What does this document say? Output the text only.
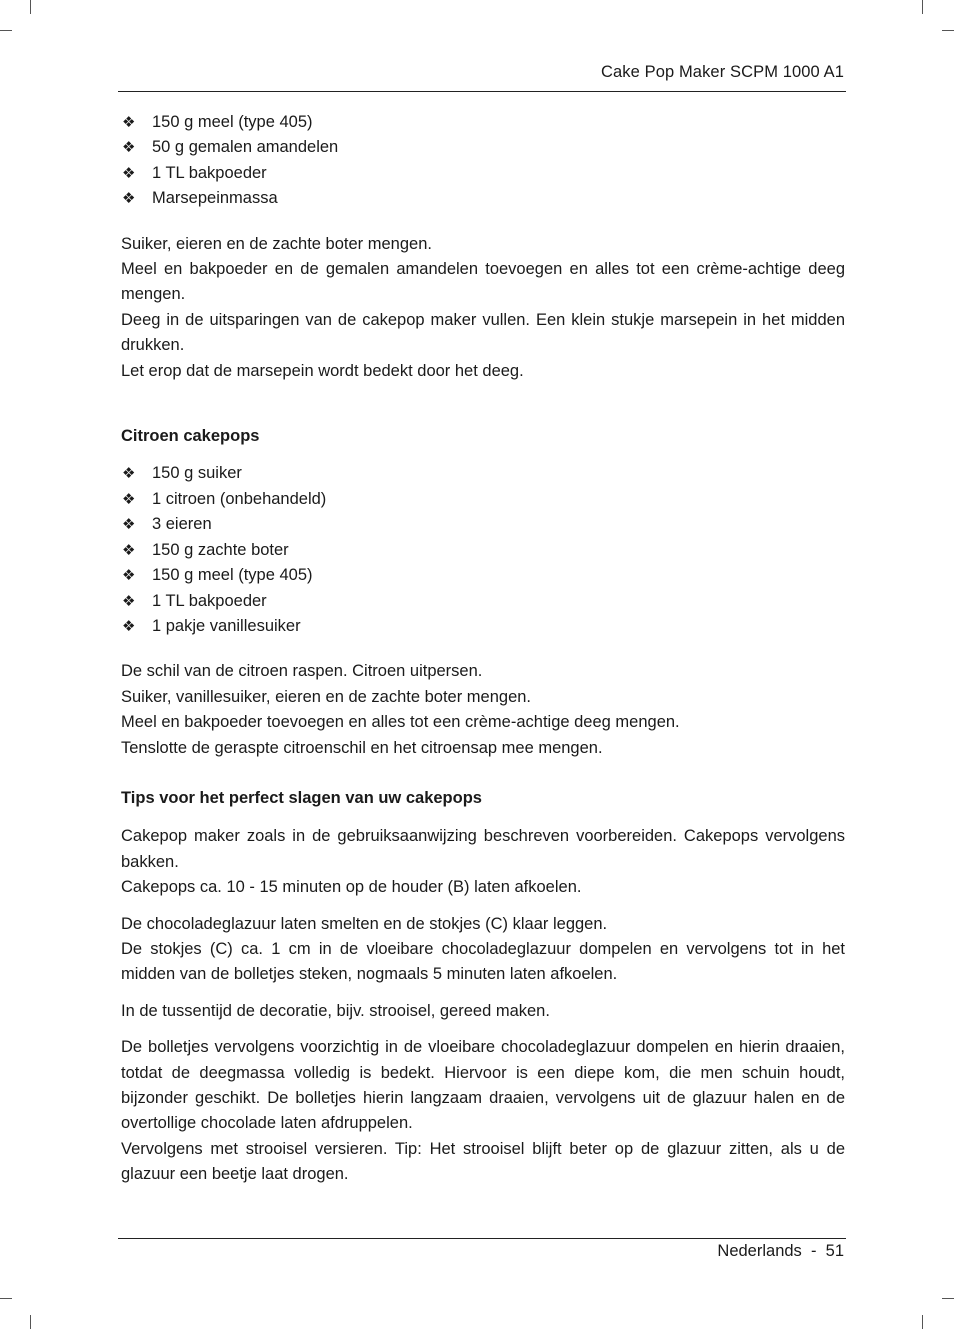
Cake Pop Maker SCPM 1000 A1
❖ 150 g meel (type 405)
❖ 50 g gemalen amandelen
❖ 1 TL bakpoeder
❖ Marsepeinmassa

Suiker, eieren en de zachte boter mengen.

Meel en bakpoeder en de gemalen amandelen toevoegen en alles tot een crème-achtige deeg mengen.

Deeg in de uitsparingen van de cakepop maker vullen. Een klein stukje marsepein in het midden drukken.

Let erop dat de marsepein wordt bedekt door het deeg.

Citroen cakepops
❖ 150 g suiker
❖ 1 citroen (onbehandeld)
❖ 3 eieren
❖ 150 g zachte boter
❖ 150 g meel (type 405)
❖ 1 TL bakpoeder
❖ 1 pakje vanillesuiker

De schil van de citroen raspen. Citroen uitpersen.

Suiker, vanillesuiker, eieren en de zachte boter mengen.

Meel en bakpoeder toevoegen en alles tot een crème-achtige deeg mengen.

Tenslotte de geraspte citroenschil en het citroensap mee mengen.

Tips voor het perfect slagen van uw cakepops

Cakepop maker zoals in de gebruiksaanwijzing beschreven voorbereiden. Cakepops vervolgens bakken.

Cakepops ca. 10 - 15 minuten op de houder (B) laten afkoelen.

De chocoladeglazuur laten smelten en de stokjes (C) klaar leggen.

De stokjes (C) ca. 1 cm in de vloeibare chocoladeglazuur dompelen en vervolgens tot in het midden van de bolletjes steken, nogmaals 5 minuten laten afkoelen.

In de tussentijd de decoratie, bijv. strooisel, gereed maken.

De bolletjes vervolgens voorzichtig in de vloeibare chocoladeglazuur dompelen en hierin draaien, totdat de deegmassa volledig is bedekt. Hiervoor is een diepe kom, die men schuin houdt, bijzonder geschikt. De bolletjes hierin langzaam draaien, vervolgens uit de glazuur halen en de overtollige chocolade laten afdruppelen.

Vervolgens met strooisel versieren. Tip: Het strooisel blijft beter op de glazuur zitten, als u de glazuur een beetje laat drogen.

Nederlands - 51
